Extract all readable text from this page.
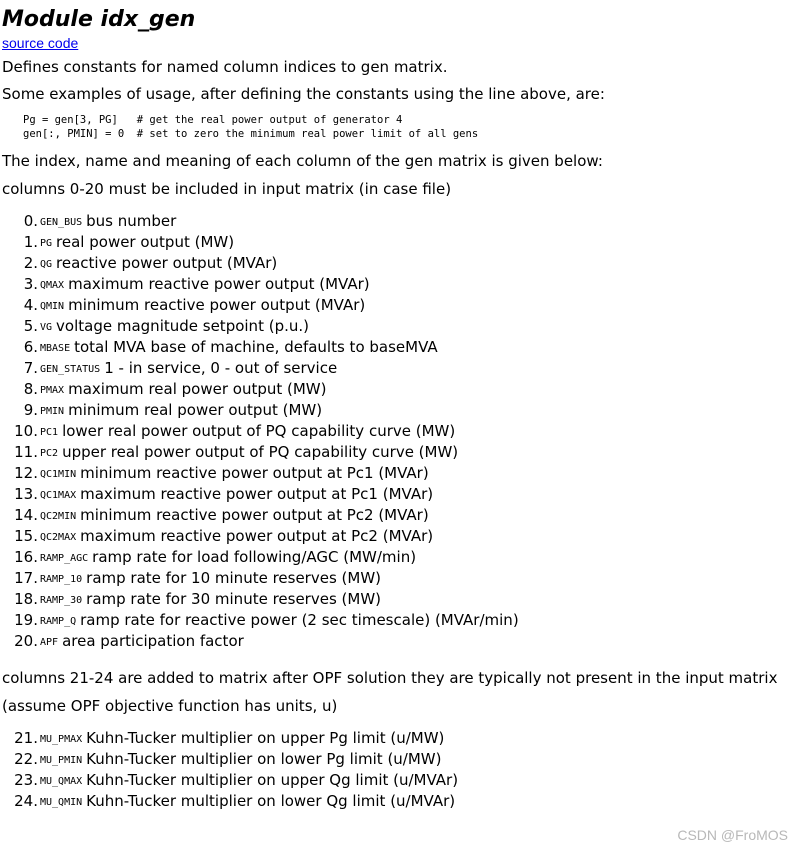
Module idx_gen
source code

Defines constants for named column indices to gen matrix.

Some examples of usage, after defining the constants using the line above, are:

Pg = gen[3, PG]   # get the real power output of generator 4
gen[:, PMIN] = 0  # set to zero the minimum real power limit of all gens

The index, name and meaning of each column of the gen matrix is given below:

columns 0-20 must be included in input matrix (in case file)

0. GEN_BUS bus number
1. PG real power output (MW)
2. QG reactive power output (MVAr)
3. QMAX maximum reactive power output (MVAr)
4. QMIN minimum reactive power output (MVAr)
5. VG voltage magnitude setpoint (p.u.)
6. MBASE total MVA base of machine, defaults to baseMVA
7. GEN_STATUS 1 - in service, 0 - out of service
8. PMAX maximum real power output (MW)
9. PMIN minimum real power output (MW)
10. PC1 lower real power output of PQ capability curve (MW)
11. PC2 upper real power output of PQ capability curve (MW)
12. QC1MIN minimum reactive power output at Pc1 (MVAr)
13. QC1MAX maximum reactive power output at Pc1 (MVAr)
14. QC2MIN minimum reactive power output at Pc2 (MVAr)
15. QC2MAX maximum reactive power output at Pc2 (MVAr)
16. RAMP_AGC ramp rate for load following/AGC (MW/min)
17. RAMP_10 ramp rate for 10 minute reserves (MW)
18. RAMP_30 ramp rate for 30 minute reserves (MW)
19. RAMP_Q ramp rate for reactive power (2 sec timescale) (MVAr/min)
20. APF area participation factor

columns 21-24 are added to matrix after OPF solution they are typically not present in the input matrix

(assume OPF objective function has units, u)

21. MU_PMAX Kuhn-Tucker multiplier on upper Pg limit (u/MW)
22. MU_PMIN Kuhn-Tucker multiplier on lower Pg limit (u/MW)
23. MU_QMAX Kuhn-Tucker multiplier on upper Qg limit (u/MVAr)
24. MU_QMIN Kuhn-Tucker multiplier on lower Qg limit (u/MVAr)
CSDN @FroMOS
